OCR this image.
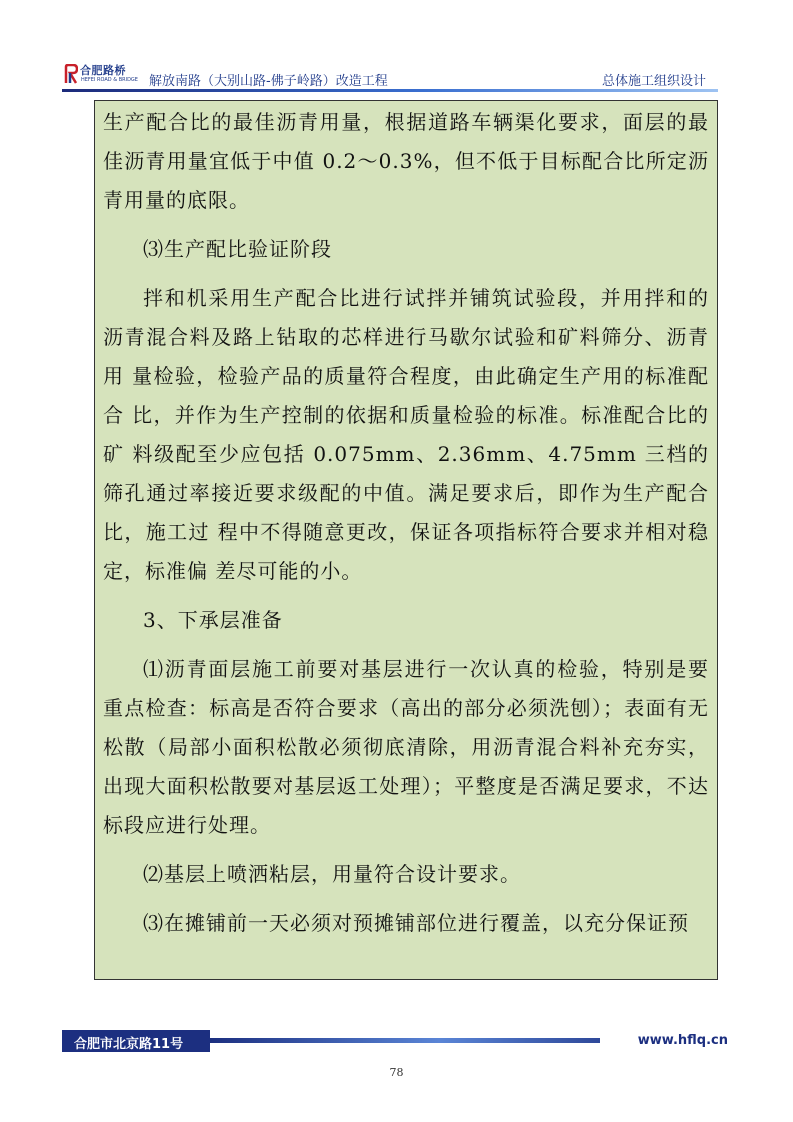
合肥路桥
HEFEI ROAD & BRIDGE 解放南路（大别山路-佛子岭路）改造工程	总体施工组织设计

生产配合比的最佳沥青用量，根据道路车辆渠化要求，面层的最 佳沥青用量宜低于中值 0.2～0.3%，但不低于目标配合比所定沥青用量的底限。

⑶生产配比验证阶段

拌和机采用生产配合比进行试拌并铺筑试验段，并用拌和的沥青混合料及路上钻取的芯样进行马歇尔试验和矿料筛分、沥青用 量检验，检验产品的质量符合程度，由此确定生产用的标准配合 比，并作为生产控制的依据和质量检验的标准。标准配合比的矿 料级配至少应包括 0.075mm、2.36mm、4.75mm 三档的筛孔通过率接近要求级配的中值。满足要求后，即作为生产配合比，施工过 程中不得随意更改，保证各项指标符合要求并相对稳定，标准偏 差尽可能的小。

3、下承层准备

⑴沥青面层施工前要对基层进行一次认真的检验，特别是要重点检查：标高是否符合要求（高出的部分必须洗刨）；表面有无松散（局部小面积松散必须彻底清除，用沥青混合料补充夯实， 出现大面积松散要对基层返工处理）；平整度是否满足要求，不达标段应进行处理。

⑵基层上喷洒粘层，用量符合设计要求。

⑶在摊铺前一天必须对预摊铺部位进行覆盖，以充分保证预

合肥市北京路11号	www.hflq.cn
78
